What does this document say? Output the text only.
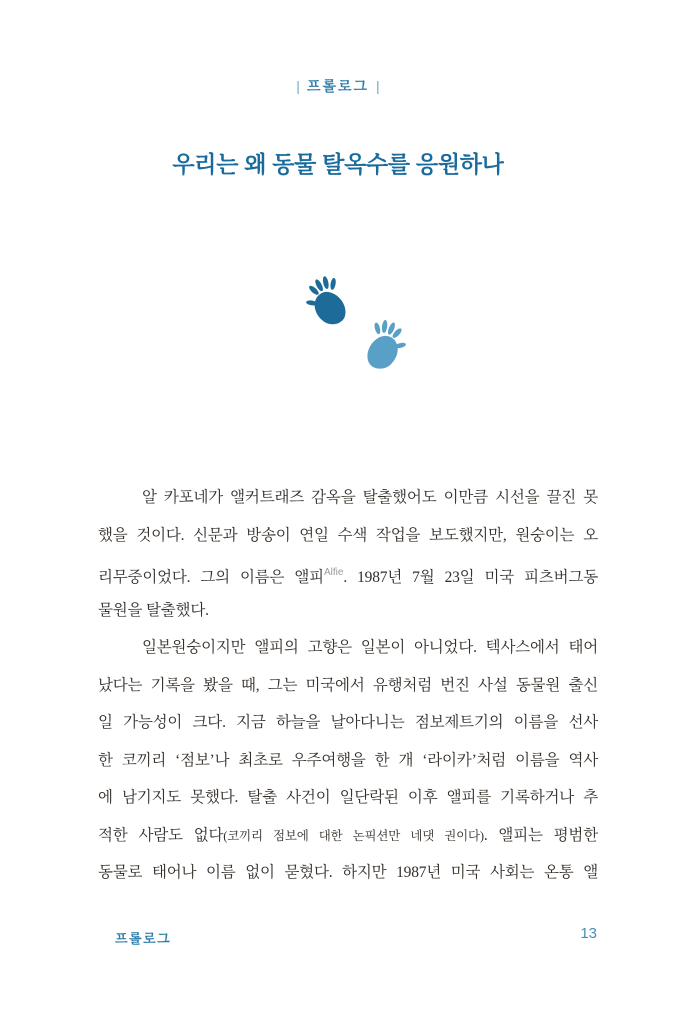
| 프롤로그 |
우리는 왜 동물 탈옥수를 응원하나
알 카포네가 앨커트래즈 감옥을 탈출했어도 이만큼 시선을 끌진 못
했을 것이다. 신문과 방송이 연일 수색 작업을 보도했지만, 원숭이는 오
리무중이었다. 그의 이름은 앨피$^{Alfie}$. 1987년 7월 23일 미국 피츠버그동
물원을 탈출했다.
일본원숭이지만 앨피의 고향은 일본이 아니었다. 텍사스에서 태어
났다는 기록을 봤을 때, 그는 미국에서 유행처럼 번진 사설 동물원 출신
일 가능성이 크다. 지금 하늘을 날아다니는 점보제트기의 이름을 선사
한 코끼리 ‘점보’나 최초로 우주여행을 한 개 ‘라이카’처럼 이름을 역사
에 남기지도 못했다. 탈출 사건이 일단락된 이후 앨피를 기록하거나 추
적한 사람도 없다(코끼리 점보에 대한 논픽션만 네댓 권이다). 앨피는 평범한
동물로 태어나 이름 없이 묻혔다. 하지만 1987년 미국 사회는 온통 앨
프롤로그	13
